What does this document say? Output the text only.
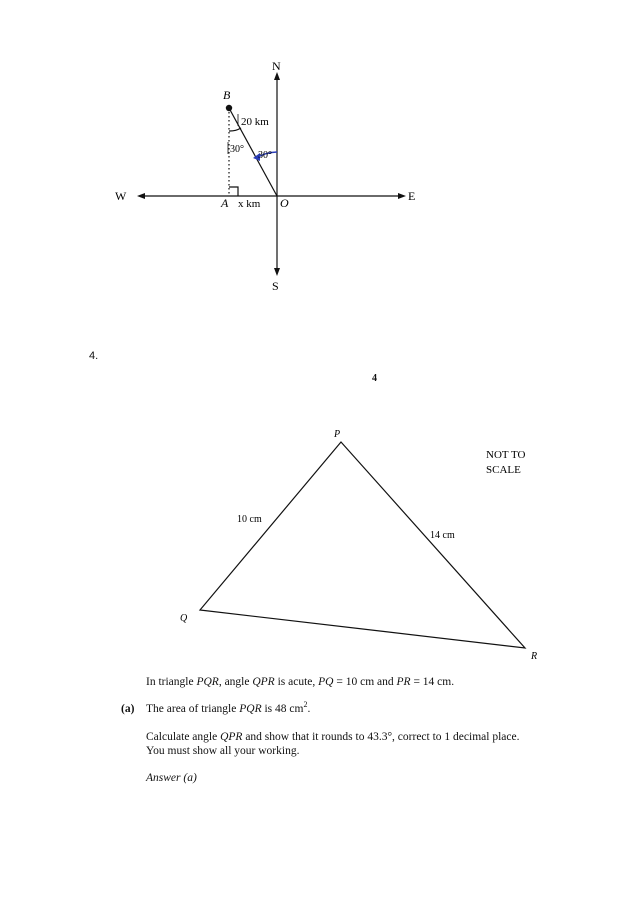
N
S
E
W
B
A	O
20 km
x km
30°
30°
P
Q
R
10 cm
14 cm
NOT TO
SCALE
4.
4
In triangle PQR, angle QPR is acute, PQ = 10 cm and PR = 14 cm.
(a) The area of triangle PQR is 48 $cm^2$.
Calculate angle QPR and show that it rounds to 43.3°, correct to 1 decimal place.
You must show all your working.
Answer (a)
